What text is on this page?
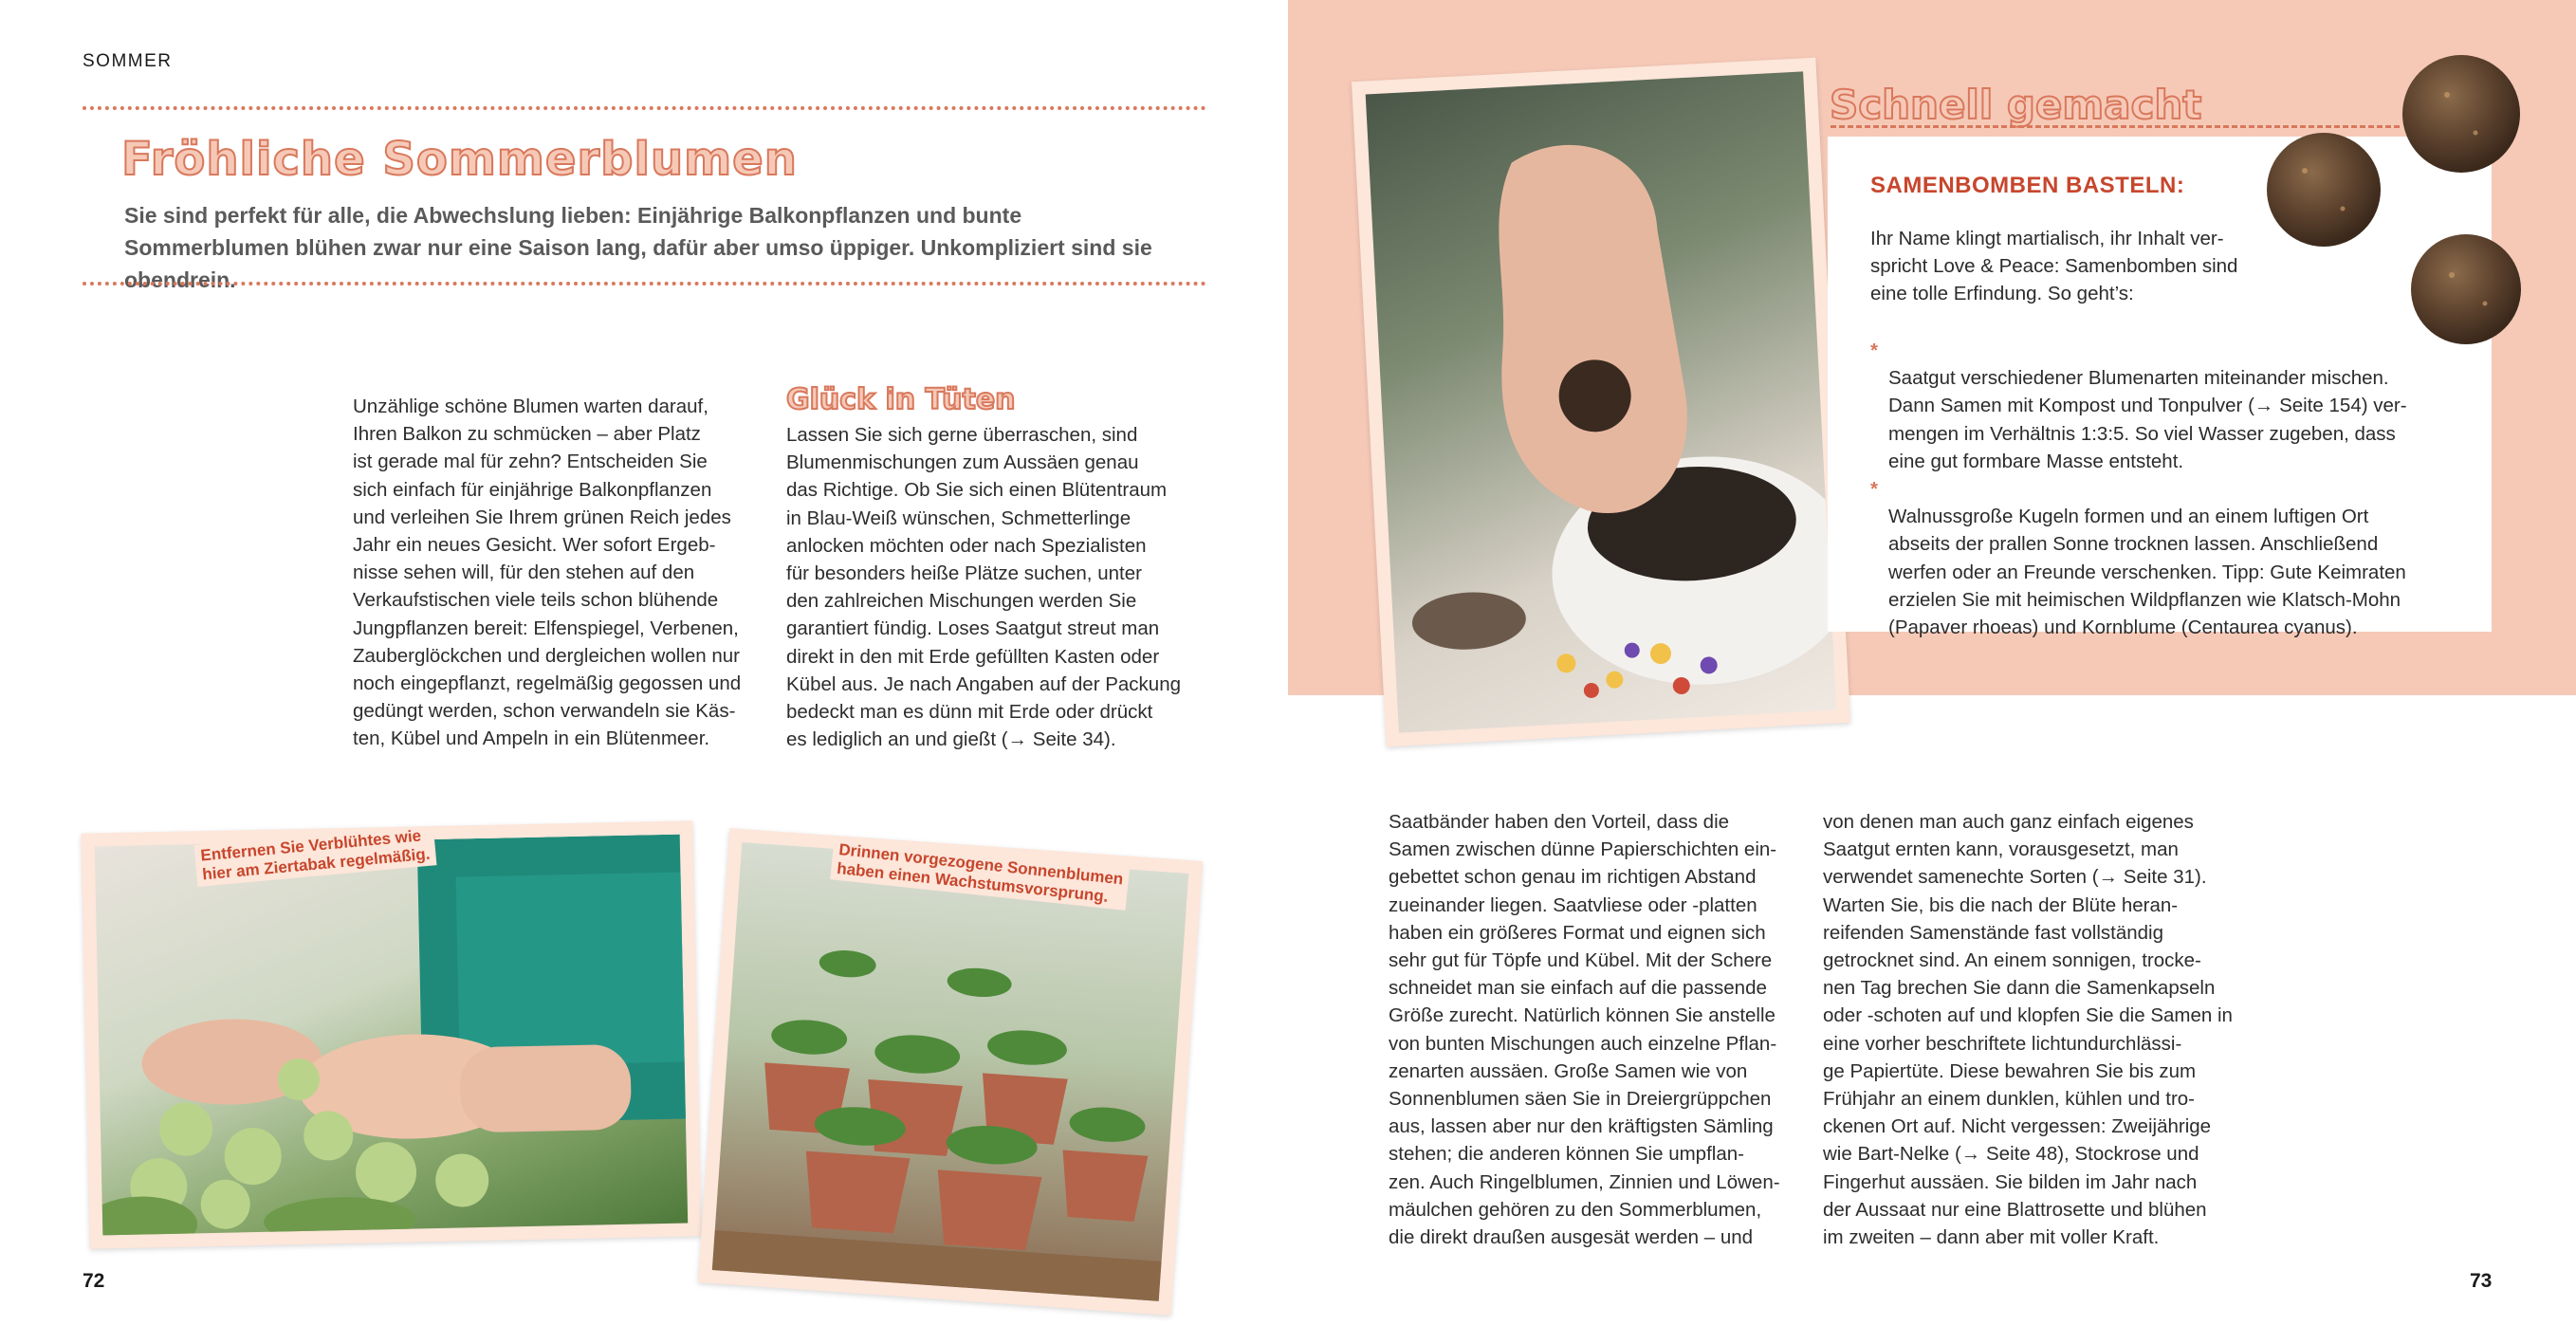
SOMMER
Fröhliche Sommerblumen
Sie sind perfekt für alle, die Abwechslung lieben: Einjährige Balkonpflanzen und bunte Sommerblumen blühen zwar nur eine Saison lang, dafür aber umso üppiger. Unkompliziert sind sie obendrein.
Unzählige schöne Blumen warten darauf,
Ihren Balkon zu schmücken – aber Platz
ist gerade mal für zehn? Entscheiden Sie
sich einfach für einjährige Balkonpflanzen
und verleihen Sie Ihrem grünen Reich jedes
Jahr ein neues Gesicht. Wer sofort Ergeb-
nisse sehen will, für den stehen auf den
Verkaufstischen viele teils schon blühende
Jungpflanzen bereit: Elfenspiegel, Verbenen,
Zauberglöckchen und dergleichen wollen nur
noch eingepflanzt, regelmäßig gegossen und
gedüngt werden, schon verwandeln sie Käs-
ten, Kübel und Ampeln in ein Blütenmeer.
Glück in Tüten
Lassen Sie sich gerne überraschen, sind
Blumenmischungen zum Aussäen genau
das Richtige. Ob Sie sich einen Blütentraum
in Blau-Weiß wünschen, Schmetterlinge
anlocken möchten oder nach Spezialisten
für besonders heiße Plätze suchen, unter
den zahlreichen Mischungen werden Sie
garantiert fündig. Loses Saatgut streut man
direkt in den mit Erde gefüllten Kasten oder
Kübel aus. Je nach Angaben auf der Packung
bedeckt man es dünn mit Erde oder drückt
es lediglich an und gießt (→ Seite 34).
Entfernen Sie Verblühtes wie
hier am Ziertabak regelmäßig.	Drinnen vorgezogene Sonnenblumen
haben einen Wachstumsvorsprung.
72
Schnell gemacht
SAMENBOMBEN BASTELN:
Ihr Name klingt martialisch, ihr Inhalt ver-
spricht Love & Peace: Samenbomben sind
eine tolle Erfindung. So geht’s:

*
Saatgut verschiedener Blumenarten miteinander mischen.
Dann Samen mit Kompost und Tonpulver (→ Seite 154) ver-
mengen im Verhältnis 1:3:5. So viel Wasser zugeben, dass
eine gut formbare Masse entsteht.

*
Walnussgroße Kugeln formen und an einem luftigen Ort
abseits der prallen Sonne trocknen lassen. Anschließend
werfen oder an Freunde verschenken. Tipp: Gute Keimraten
erzielen Sie mit heimischen Wildpflanzen wie Klatsch-Mohn
(Papaver rhoeas) und Kornblume (Centaurea cyanus).

Saatbänder haben den Vorteil, dass die
Samen zwischen dünne Papierschichten ein-
gebettet schon genau im richtigen Abstand
zueinander liegen. Saatvliese oder -platten
haben ein größeres Format und eignen sich
sehr gut für Töpfe und Kübel. Mit der Schere
schneidet man sie einfach auf die passende
Größe zurecht. Natürlich können Sie anstelle
von bunten Mischungen auch einzelne Pflan-
zenarten aussäen. Große Samen wie von
Sonnenblumen säen Sie in Dreiergrüppchen
aus, lassen aber nur den kräftigsten Sämling
stehen; die anderen können Sie umpflan-
zen. Auch Ringelblumen, Zinnien und Löwen-
mäulchen gehören zu den Sommerblumen,
die direkt draußen ausgesät werden – und
von denen man auch ganz einfach eigenes
Saatgut ernten kann, vorausgesetzt, man
verwendet samenechte Sorten (→ Seite 31).
Warten Sie, bis die nach der Blüte heran-
reifenden Samenstände fast vollständig
getrocknet sind. An einem sonnigen, trocke-
nen Tag brechen Sie dann die Samenkapseln
oder -schoten auf und klopfen Sie die Samen in
eine vorher beschriftete lichtundurchlässi-
ge Papiertüte. Diese bewahren Sie bis zum
Frühjahr an einem dunklen, kühlen und tro-
ckenen Ort auf. Nicht vergessen: Zweijährige
wie Bart-Nelke (→ Seite 48), Stockrose und
Fingerhut aussäen. Sie bilden im Jahr nach
der Aussaat nur eine Blattrosette und blühen
im zweiten – dann aber mit voller Kraft.
73
